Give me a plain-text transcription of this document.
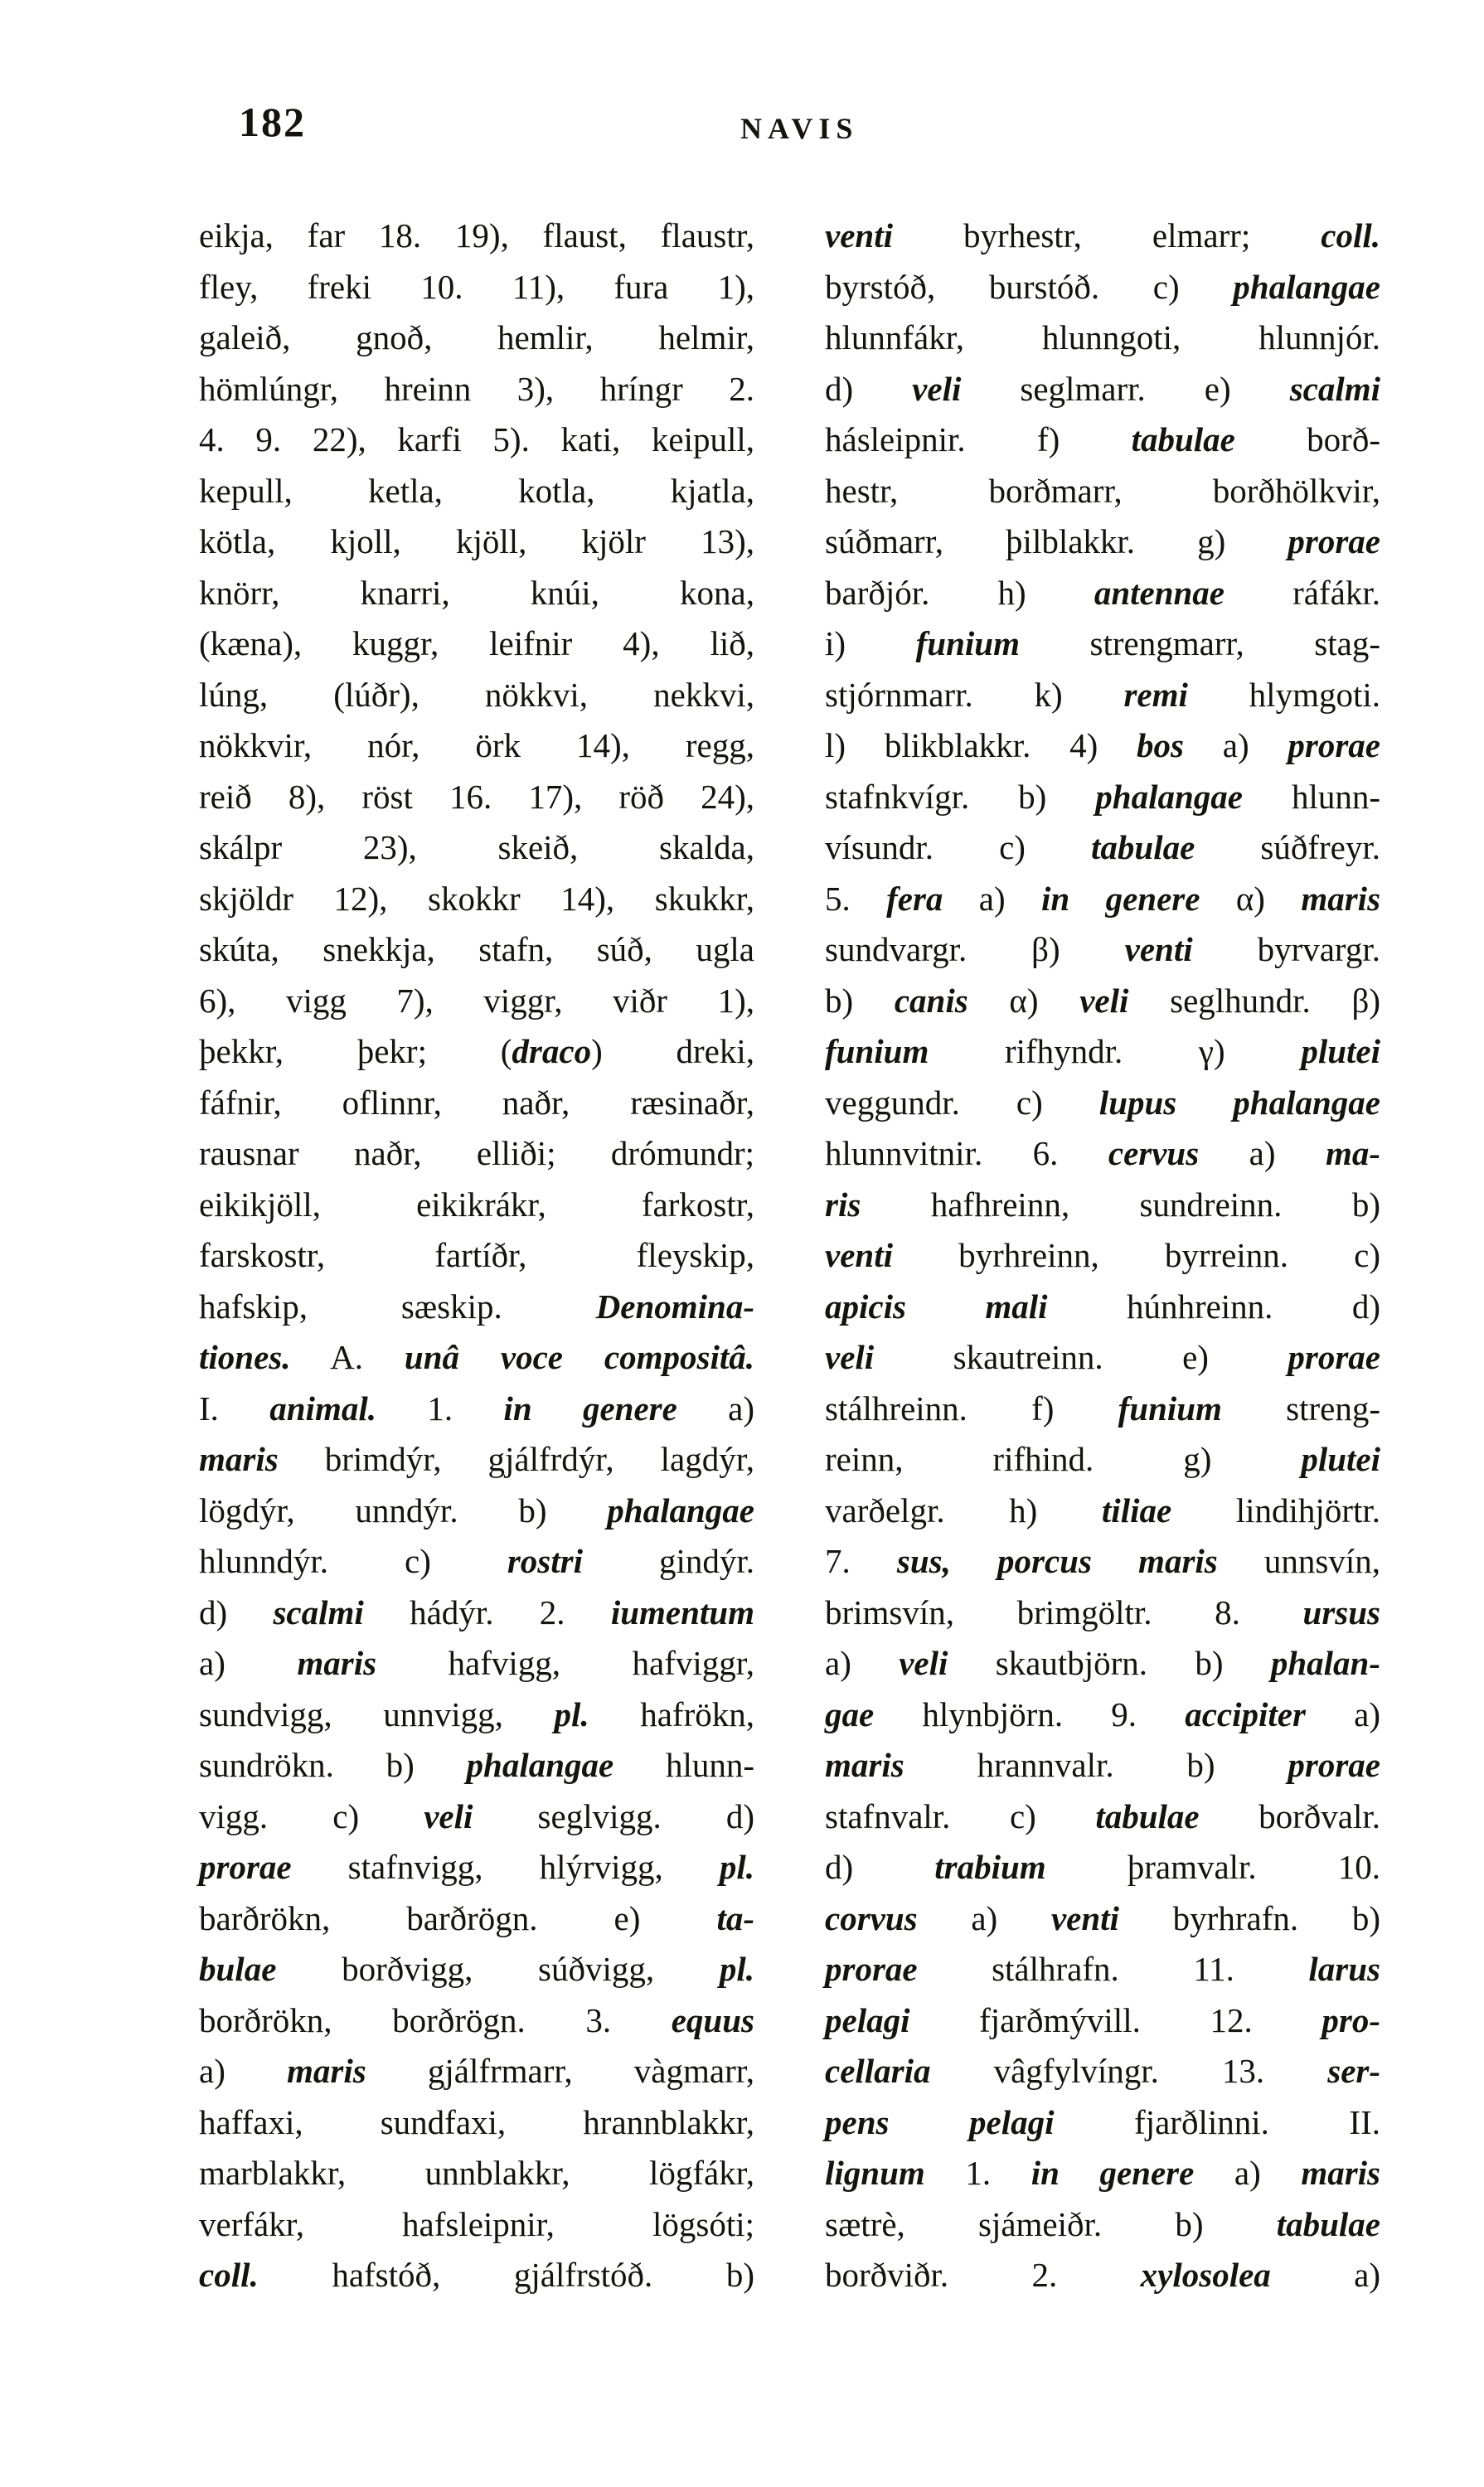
182	NAVIS
eikja, far 18. 19), flaust, flaustr,
fley, freki 10. 11), fura 1),
galeið, gnoð, hemlir, helmir,
hömlúngr, hreinn 3), hríngr 2.
4. 9. 22), karfi 5). kati, keipull,
kepull, ketla, kotla, kjatla,
kötla, kjoll, kjöll, kjölr 13),
knörr, knarri, knúi, kona,
(kæna), kuggr, leifnir 4), lið,
lúng, (lúðr), nökkvi, nekkvi,
nökkvir, nór, örk 14), regg,
reið 8), röst 16. 17), röð 24),
skálpr 23), skeið, skalda,
skjöldr 12), skokkr 14), skukkr,
skúta, snekkja, stafn, súð, ugla
6), vigg 7), viggr, viðr 1),
þekkr, þekr; (draco) dreki,
fáfnir, oflinnr, naðr, ræsinaðr,
rausnar naðr, elliði; drómundr;
eikikjöll, eikikrákr, farkostr,
farskostr, fartíðr, fleyskip,
hafskip, sæskip. Denomina-
tiones. A. unâ voce compositâ.
I. animal. 1. in genere a)
maris brimdýr, gjálfrdýr, lagdýr,
lögdýr, unndýr. b) phalangae
hlunndýr. c) rostri gindýr.
d) scalmi hádýr. 2. iumentum
a) maris hafvigg, hafviggr,
sundvigg, unnvigg, pl. hafrökn,
sundrökn. b) phalangae hlunn-
vigg. c) veli seglvigg. d)
prorae stafnvigg, hlýrvigg, pl.
barðrökn, barðrögn. e) ta-
bulae borðvigg, súðvigg, pl.
borðrökn, borðrögn. 3. equus
a) maris gjálfrmarr, vàgmarr,
haffaxi, sundfaxi, hrannblakkr,
marblakkr, unnblakkr, lögfákr,
verfákr, hafsleipnir, lögsóti;
coll. hafstóð, gjálfrstóð. b)
venti byrhestr, elmarr; coll.
byrstóð, burstóð. c) phalangae
hlunnfákr, hlunngoti, hlunnjór.
d) veli seglmarr. e) scalmi
hásleipnir. f) tabulae borð-
hestr, borðmarr, borðhölkvir,
súðmarr, þilblakkr. g) prorae
barðjór. h) antennae ráfákr.
i) funium strengmarr, stag-
stjórnmarr. k) remi hlymgoti.
l) blikblakkr. 4) bos a) prorae
stafnkvígr. b) phalangae hlunn-
vísundr. c) tabulae súðfreyr.
5. fera a) in genere α) maris
sundvargr. β) venti byrvargr.
b) canis α) veli seglhundr. β)
funium rifhyndr. γ) plutei
veggundr. c) lupus phalangae
hlunnvitnir. 6. cervus a) ma-
ris hafhreinn, sundreinn. b)
venti byrhreinn, byrreinn. c)
apicis mali húnhreinn. d)
veli skautreinn. e) prorae
stálhreinn. f) funium streng-
reinn, rifhind. g) plutei
varðelgr. h) tiliae lindihjörtr.
7. sus, porcus maris unnsvín,
brimsvín, brimgöltr. 8. ursus
a) veli skautbjörn. b) phalan-
gae hlynbjörn. 9. accipiter a)
maris hrannvalr. b) prorae
stafnvalr. c) tabulae borðvalr.
d) trabium þramvalr. 10.
corvus a) venti byrhrafn. b)
prorae stálhrafn. 11. larus
pelagi fjarðmývill. 12. pro-
cellaria vâgfylvíngr. 13. ser-
pens pelagi fjarðlinni. II.
lignum 1. in genere a) maris
sætrè, sjámeiðr. b) tabulae
borðviðr. 2. xylosolea a)
